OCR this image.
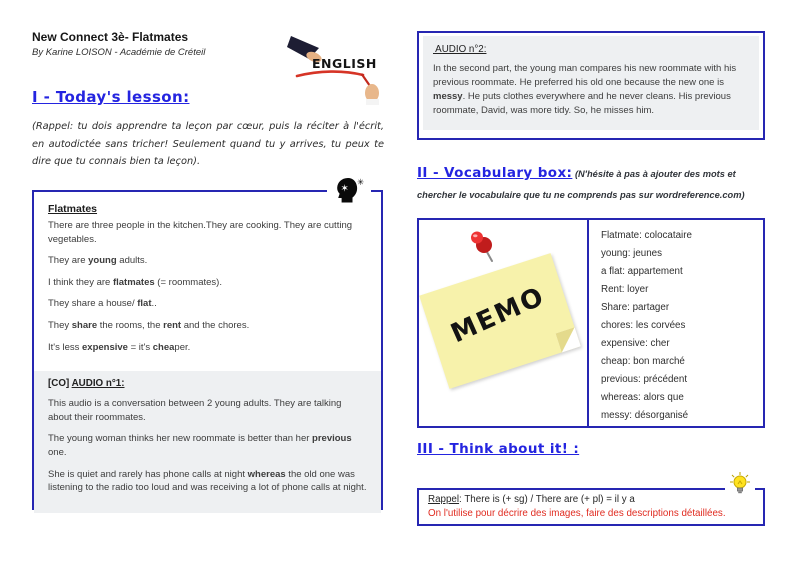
New Connect 3è- Flatmates
By Karine LOISON - Académie de Créteil
ENGLISH
I - Today's lesson:
(Rappel: tu dois apprendre ta leçon par cœur, puis la réciter à l'écrit, en autodictée sans tricher! Seulement quand tu y arrives, tu peux te dire que tu connais bien ta leçon).
✶
✳
Flatmates

There are three people in the kitchen.They are cooking. They are cutting vegetables.

They are young adults.

I think they are flatmates (= roommates).

They share a house/ flat..

They share the rooms, the rent and the chores.

It's less expensive = it's cheaper.

[CO] AUDIO n°1:

This audio is a conversation between 2 young adults. They are talking about their roommates.

The young woman thinks her new roommate is better than her previous one.

She is quiet and rarely has phone calls at night whereas the old one was listening to the radio too loud and was receiving a lot of phone calls at night.

AUDIO n°2:

In the second part, the young man compares his new roommate with his previous roommate. He preferred his old one because the new one is messy. He puts clothes everywhere and he never cleans. His previous roommate, David, was more tidy. So, he misses him.

II - Vocabulary box: (N'hésite à pas à ajouter des mots et chercher le vocabulaire que tu ne comprends pas sur wordreference.com)
MEMO
Flatmate: colocataire
young: jeunes
a flat: appartement
Rent: loyer
Share: partager
chores: les corvées
expensive: cher
cheap: bon marché
previous: précédent
whereas: alors que
messy: désorganisé
III - Think about it! :
Rappel: There is (+ sg) / There are (+ pl) = il y a
On l'utilise pour décrire des images, faire des descriptions détaillées.
